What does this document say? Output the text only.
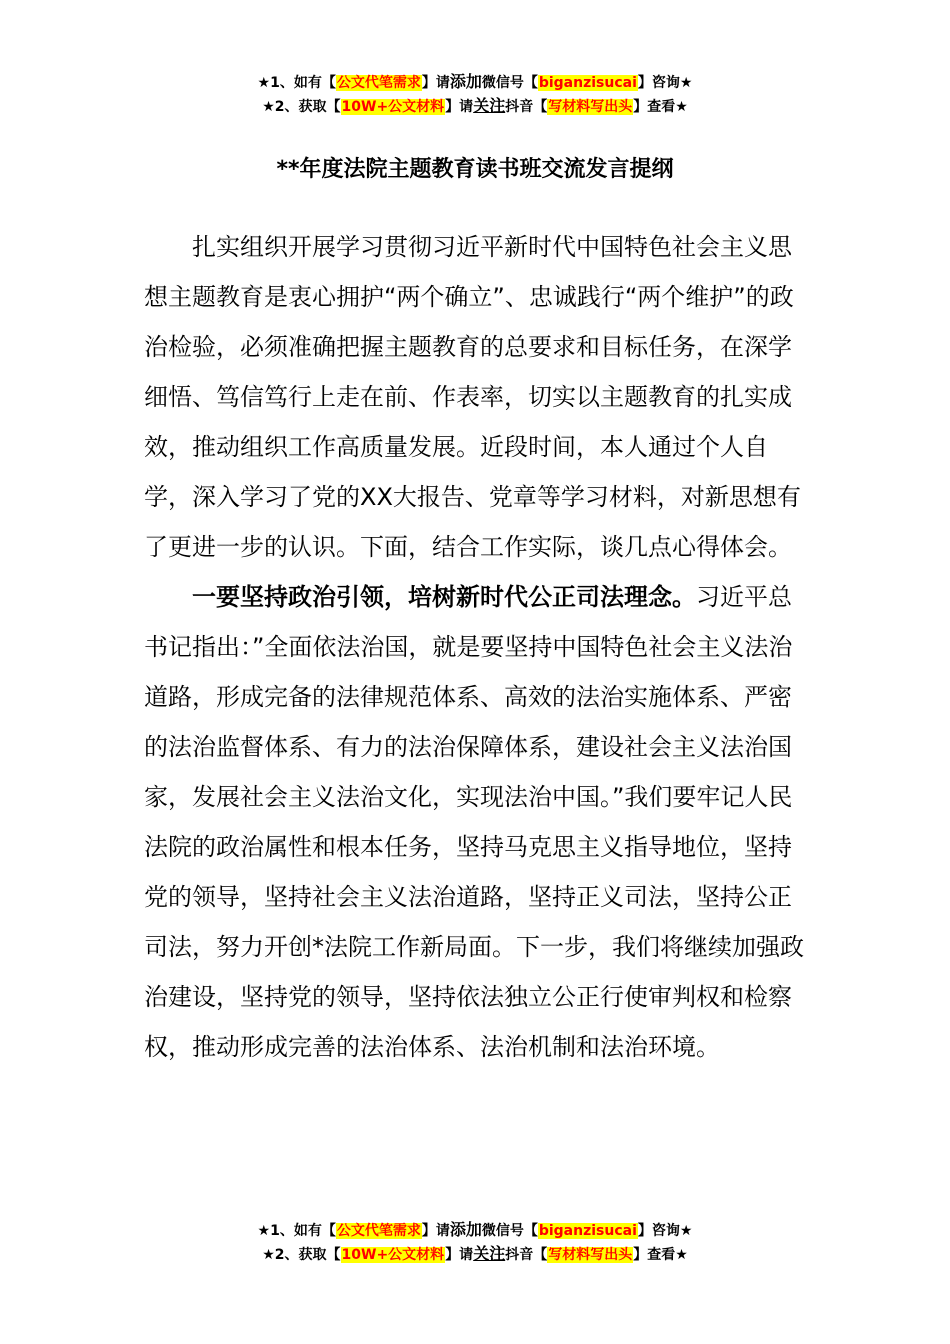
★1、如有【公文代笔需求】请添加微信号【biganzisucai】咨询★
★2、获取【10W+公文材料】请关注抖音【写材料写出头】查看★
**年度法院主题教育读书班交流发言提纲

扎实组织开展学习贯彻习近平新时代中国特色社会主义思想主题教育是衷心拥护“两个确立”、忠诚践行“两个维护”的政治检验，必须准确把握主题教育的总要求和目标任务，在深学细悟、笃信笃行上走在前、作表率，切实以主题教育的扎实成效，推动组织工作高质量发展。近段时间，本人通过个人自学，深入学习了党的XX大报告、党章等学习材料，对新思想有了更进一步的认识。下面，结合工作实际，谈几点心得体会。

一要坚持政治引领，培树新时代公正司法理念。习近平总书记指出：”全面依法治国，就是要坚持中国特色社会主义法治道路，形成完备的法律规范体系、高效的法治实施体系、严密的法治监督体系、有力的法治保障体系，建设社会主义法治国家，发展社会主义法治文化，实现法治中国。”我们要牢记人民法院的政治属性和根本任务，坚持马克思主义指导地位，坚持党的领导，坚持社会主义法治道路，坚持正义司法，坚持公正司法，努力开创*法院工作新局面。下一步，我们将继续加强政治建设，坚持党的领导，坚持依法独立公正行使审判权和检察权，推动形成完善的法治体系、法治机制和法治环境。

★1、如有【公文代笔需求】请添加微信号【biganzisucai】咨询★
★2、获取【10W+公文材料】请关注抖音【写材料写出头】查看★
